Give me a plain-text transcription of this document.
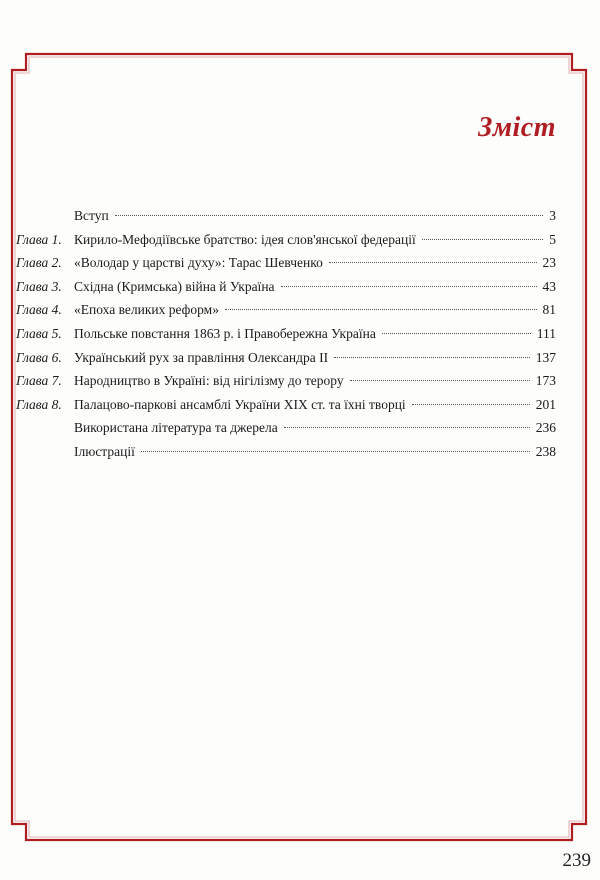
Зміст
Вступ	3
Глава 1. Кирило-Мефодіївське братство: ідея слов'янської федерації	5
Глава 2. «Володар у царстві духу»: Тарас Шевченко	23
Глава 3. Східна (Кримська) війна й Україна	43
Глава 4. «Епоха великих реформ»	81
Глава 5. Польське повстання 1863 р. і Правобережна Україна	111
Глава 6. Український рух за правління Олександра II	137
Глава 7. Народництво в Україні: від нігілізму до терору	173
Глава 8. Палацово-паркові ансамблі України XIX ст. та їхні творці	201
Використана література та джерела	236
Ілюстрації	238
239
